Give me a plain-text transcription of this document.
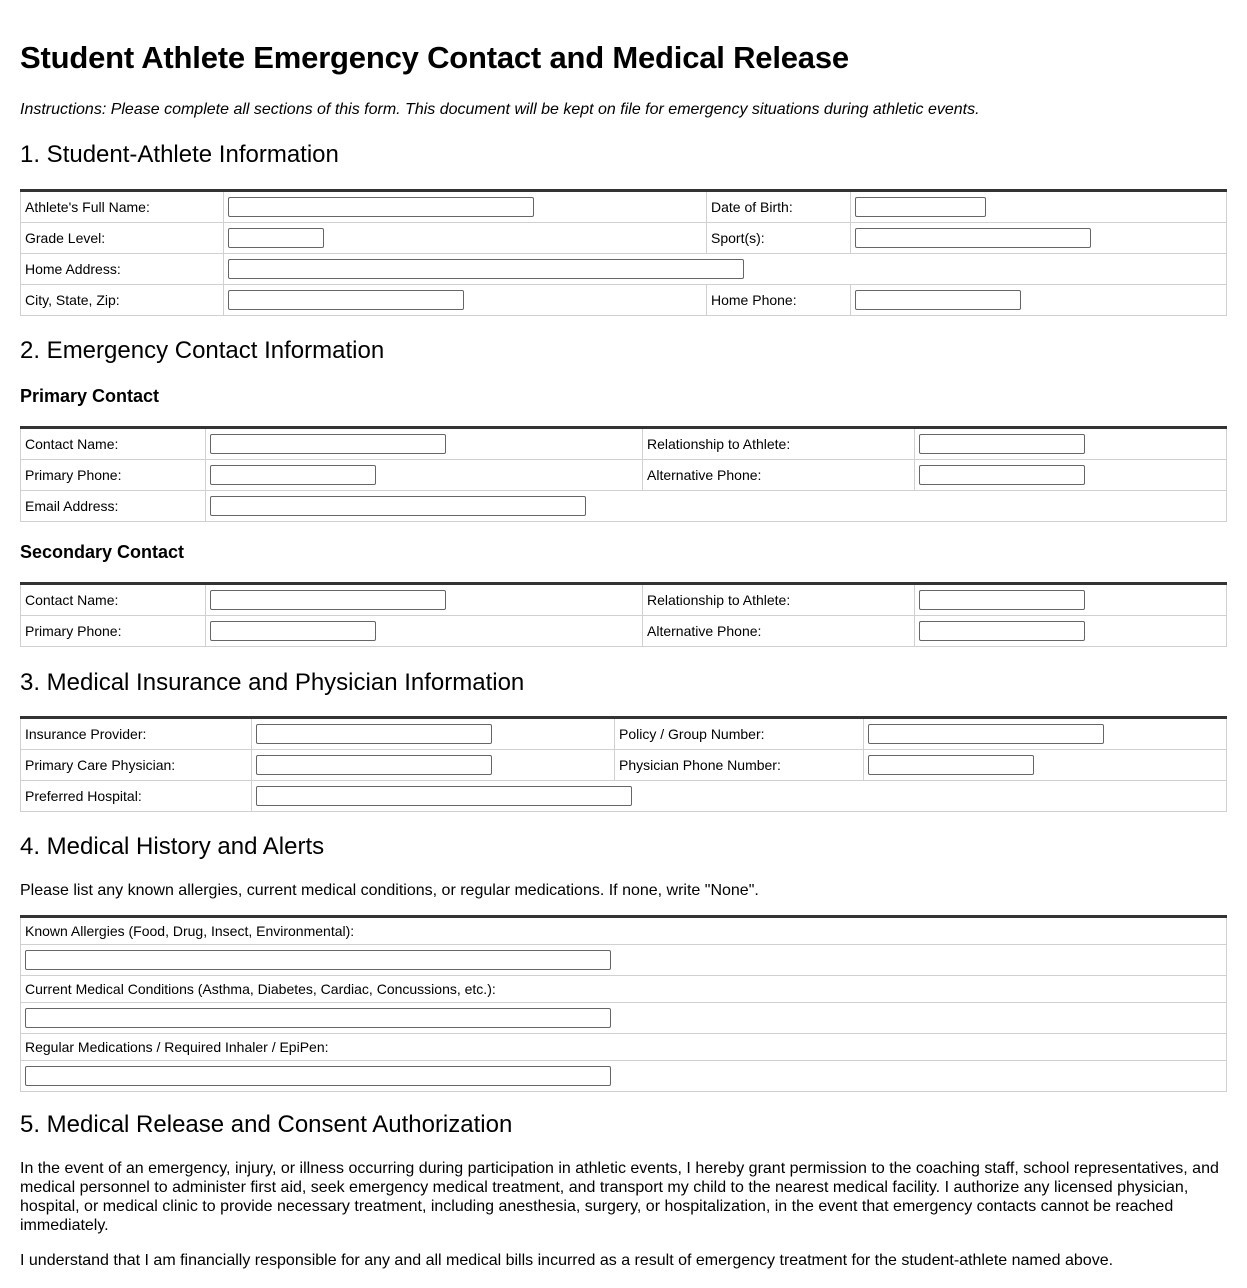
Student Athlete Emergency Contact and Medical Release

Instructions: Please complete all sections of this form. This document will be kept on file for emergency situations during athletic events.

1. Student-Athlete Information
Athlete's Full Name:		Date of Birth:	
Grade Level:		Sport(s):	
Home Address:			
City, State, Zip:		Home Phone:	
2. Emergency Contact Information
Primary Contact
Contact Name:		Relationship to Athlete:	
Primary Phone:		Alternative Phone:	
Email Address:			
Secondary Contact
Contact Name:		Relationship to Athlete:	
Primary Phone:		Alternative Phone:	
3. Medical Insurance and Physician Information
Insurance Provider:		Policy / Group Number:	
Primary Care Physician:		Physician Phone Number:	
Preferred Hospital:			
4. Medical History and Alerts

Please list any known allergies, current medical conditions, or regular medications. If none, write "None".

Known Allergies (Food, Drug, Insect, Environmental):

Current Medical Conditions (Asthma, Diabetes, Cardiac, Concussions, etc.):

Regular Medications / Required Inhaler / EpiPen:

5. Medical Release and Consent Authorization

In the event of an emergency, injury, or illness occurring during participation in athletic events, I hereby grant permission to the coaching staff, school representatives, and medical personnel to administer first aid, seek emergency medical treatment, and transport my child to the nearest medical facility. I authorize any licensed physician, hospital, or medical clinic to provide necessary treatment, including anesthesia, surgery, or hospitalization, in the event that emergency contacts cannot be reached immediately.

I understand that I am financially responsible for any and all medical bills incurred as a result of emergency treatment for the student-athlete named above.
